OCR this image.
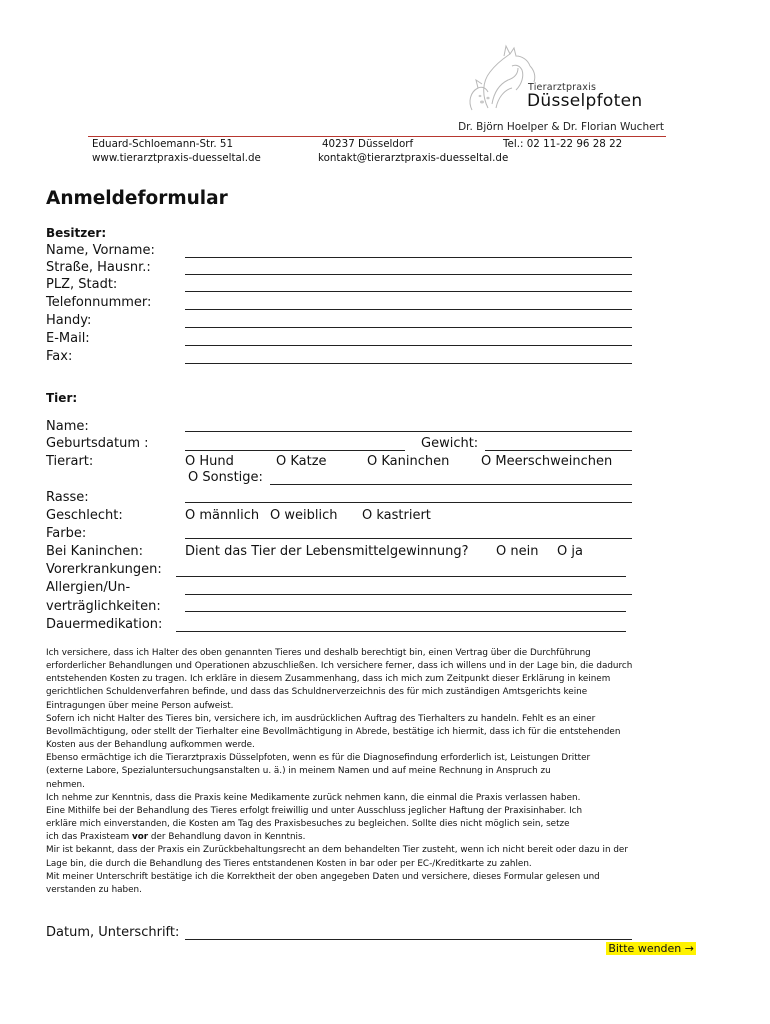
Tierarztpraxis
Düsselpfoten
Dr. Björn Hoelper & Dr. Florian Wuchert
Eduard-Schloemann-Str. 51
www.tierarztpraxis-duesseltal.de
40237 Düsseldorf
kontakt@tierarztpraxis-duesseltal.de
Tel.: 02 11-22 96 28 22
Anmeldeformular
Besitzer:
Name, Vorname:
Straße, Hausnr.:
PLZ, Stadt:
Telefonnummer:
Handy:
E-Mail:
Fax:
Tier:
Name:
Geburtsdatum :	Gewicht:
Tierart:	O Hund	O Katze	O Kaninchen O Meerschweinchen
O Sonstige:
Rasse:
Geschlecht:	O männlich O weiblich O kastriert
Farbe:
Bei Kaninchen:	Dient das Tier der Lebensmittelgewinnung? O nein O ja
Vorerkrankungen:
Allergien/Un-
verträglichkeiten:
Dauermedikation:
Ich versichere, dass ich Halter des oben genannten Tieres und deshalb berechtigt bin, einen Vertrag über die Durchführung
erforderlicher Behandlungen und Operationen abzuschließen. Ich versichere ferner, dass ich willens und in der Lage bin, die dadurch
entstehenden Kosten zu tragen. Ich erkläre in diesem Zusammenhang, dass ich mich zum Zeitpunkt dieser Erklärung in keinem
gerichtlichen Schuldenverfahren befinde, und dass das Schuldnerverzeichnis des für mich zuständigen Amtsgerichts keine
Eintragungen über meine Person aufweist.
Sofern ich nicht Halter des Tieres bin, versichere ich, im ausdrücklichen Auftrag des Tierhalters zu handeln. Fehlt es an einer
Bevollmächtigung, oder stellt der Tierhalter eine Bevollmächtigung in Abrede, bestätige ich hiermit, dass ich für die entstehenden
Kosten aus der Behandlung aufkommen werde.
Ebenso ermächtige ich die Tierarztpraxis Düsselpfoten, wenn es für die Diagnosefindung erforderlich ist, Leistungen Dritter
(externe Labore, Spezialuntersuchungsanstalten u. ä.) in meinem Namen und auf meine Rechnung in Anspruch zu
nehmen.
Ich nehme zur Kenntnis, dass die Praxis keine Medikamente zurück nehmen kann, die einmal die Praxis verlassen haben.
Eine Mithilfe bei der Behandlung des Tieres erfolgt freiwillig und unter Ausschluss jeglicher Haftung der Praxisinhaber. Ich
erkläre mich einverstanden, die Kosten am Tag des Praxisbesuches zu begleichen. Sollte dies nicht möglich sein, setze
ich das Praxisteam vor der Behandlung davon in Kenntnis.
Mir ist bekannt, dass der Praxis ein Zurückbehaltungsrecht an dem behandelten Tier zusteht, wenn ich nicht bereit oder dazu in der
Lage bin, die durch die Behandlung des Tieres entstandenen Kosten in bar oder per EC-/Kreditkarte zu zahlen.
Mit meiner Unterschrift bestätige ich die Korrektheit der oben angegeben Daten und versichere, dieses Formular gelesen und
verstanden zu haben.
Datum, Unterschrift:
Bitte wenden →
